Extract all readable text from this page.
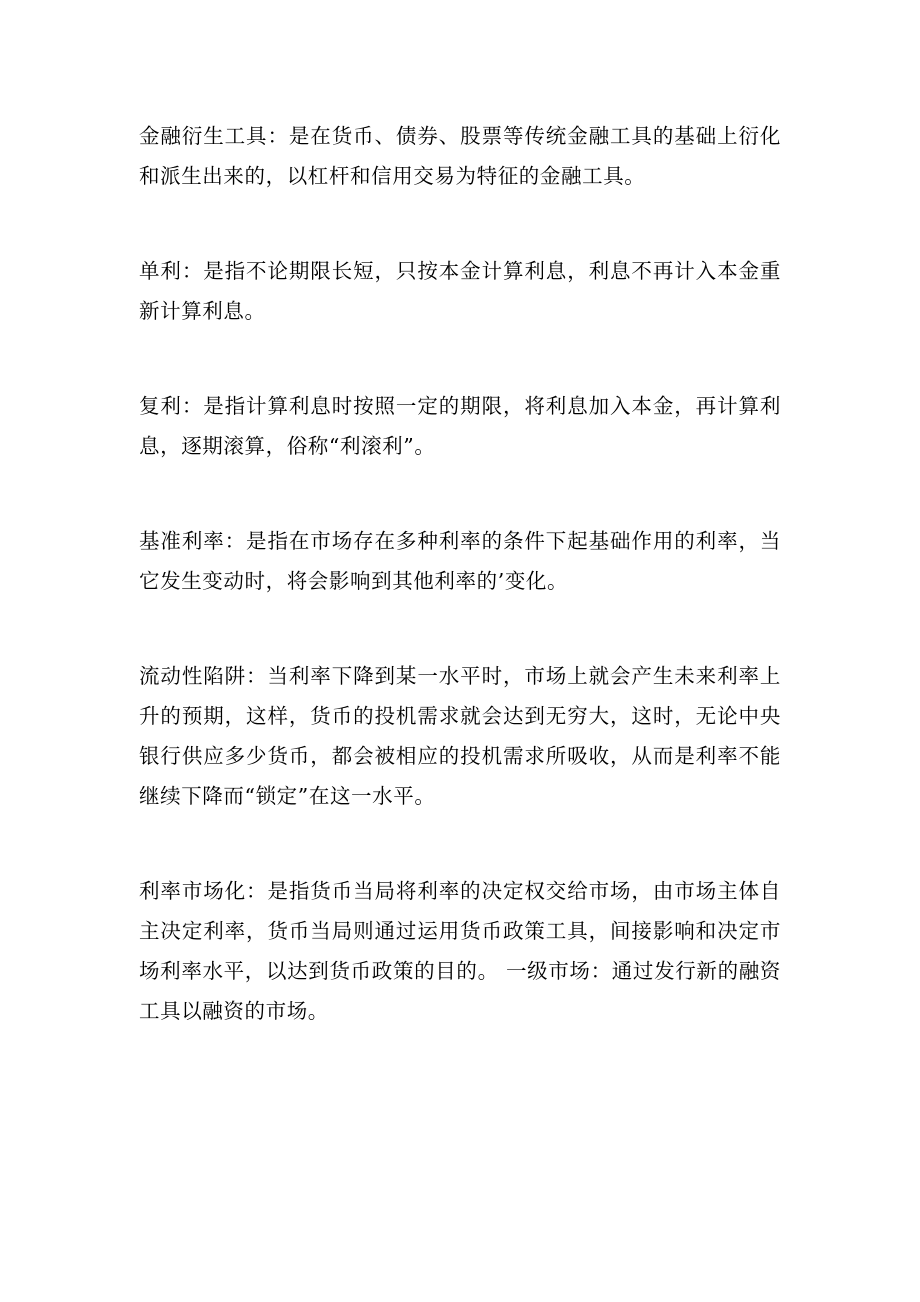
金融衍生工具：是在货币、债券、股票等传统金融工具的基础上衍化和派生出来的，以杠杆和信用交易为特征的金融工具。

单利：是指不论期限长短，只按本金计算利息，利息不再计入本金重新计算利息。

复利：是指计算利息时按照一定的期限，将利息加入本金，再计算利息，逐期滚算，俗称“利滚利”。

基准利率：是指在市场存在多种利率的条件下起基础作用的利率，当它发生变动时，将会影响到其他利率的’变化。

流动性陷阱：当利率下降到某一水平时，市场上就会产生未来利率上升的预期，这样，货币的投机需求就会达到无穷大，这时，无论中央银行供应多少货币，都会被相应的投机需求所吸收，从而是利率不能继续下降而“锁定”在这一水平。

利率市场化：是指货币当局将利率的决定权交给市场，由市场主体自主决定利率，货币当局则通过运用货币政策工具，间接影响和决定市场利率水平，以达到货币政策的目的。 一级市场：通过发行新的融资工具以融资的市场。
